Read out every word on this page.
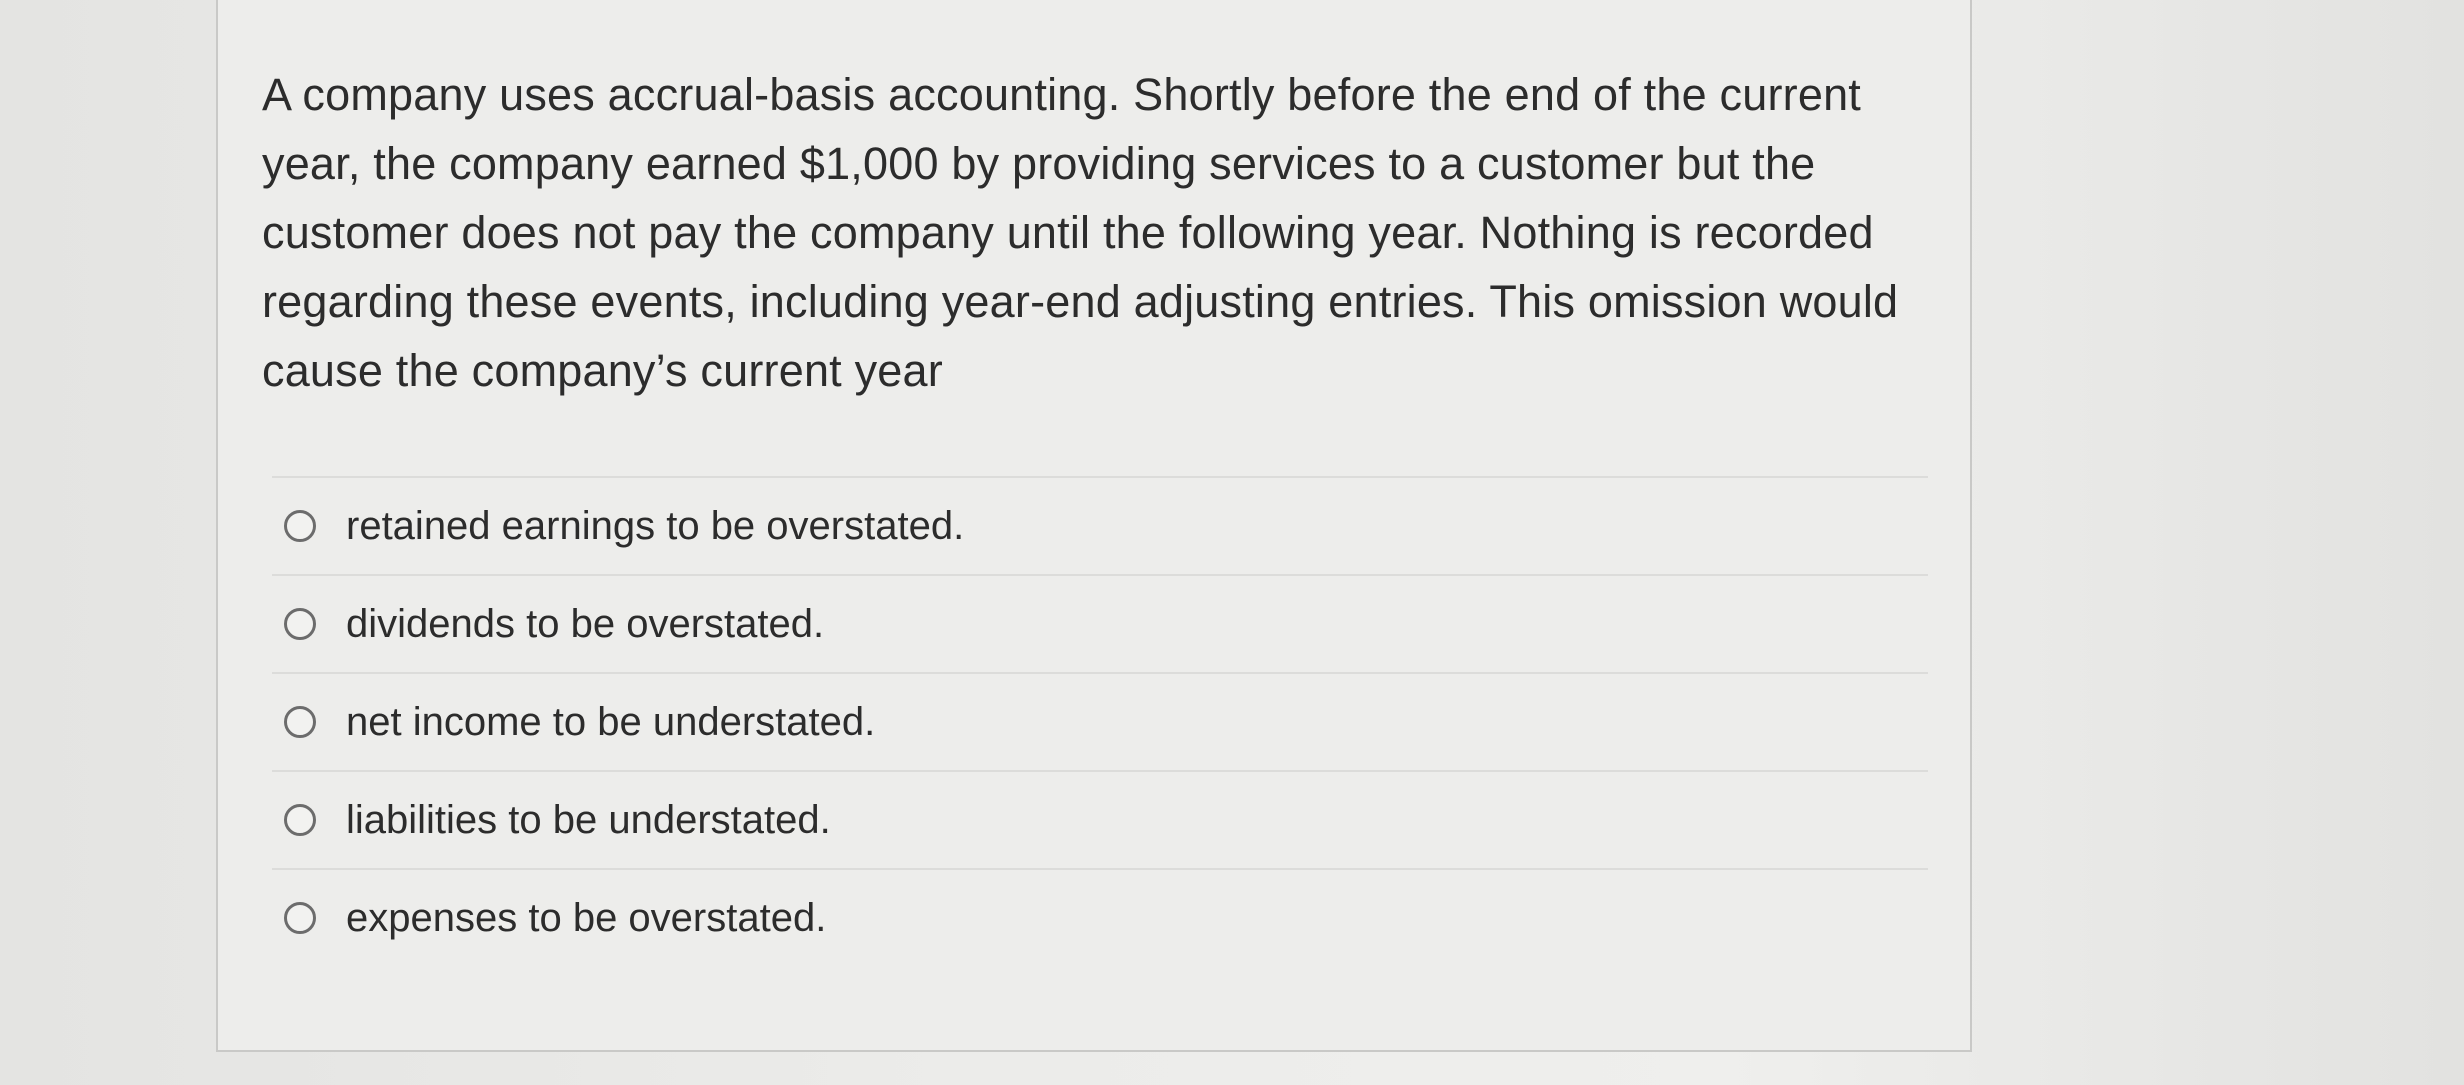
A company uses accrual-basis accounting. Shortly before the end of the current
year, the company earned $1,000 by providing services to a customer but the
customer does not pay the company until the following year. Nothing is recorded
regarding these events, including year-end adjusting entries. This omission would
cause the company’s current year

retained earnings to be overstated.
dividends to be overstated.
net income to be understated.
liabilities to be understated.
expenses to be overstated.
